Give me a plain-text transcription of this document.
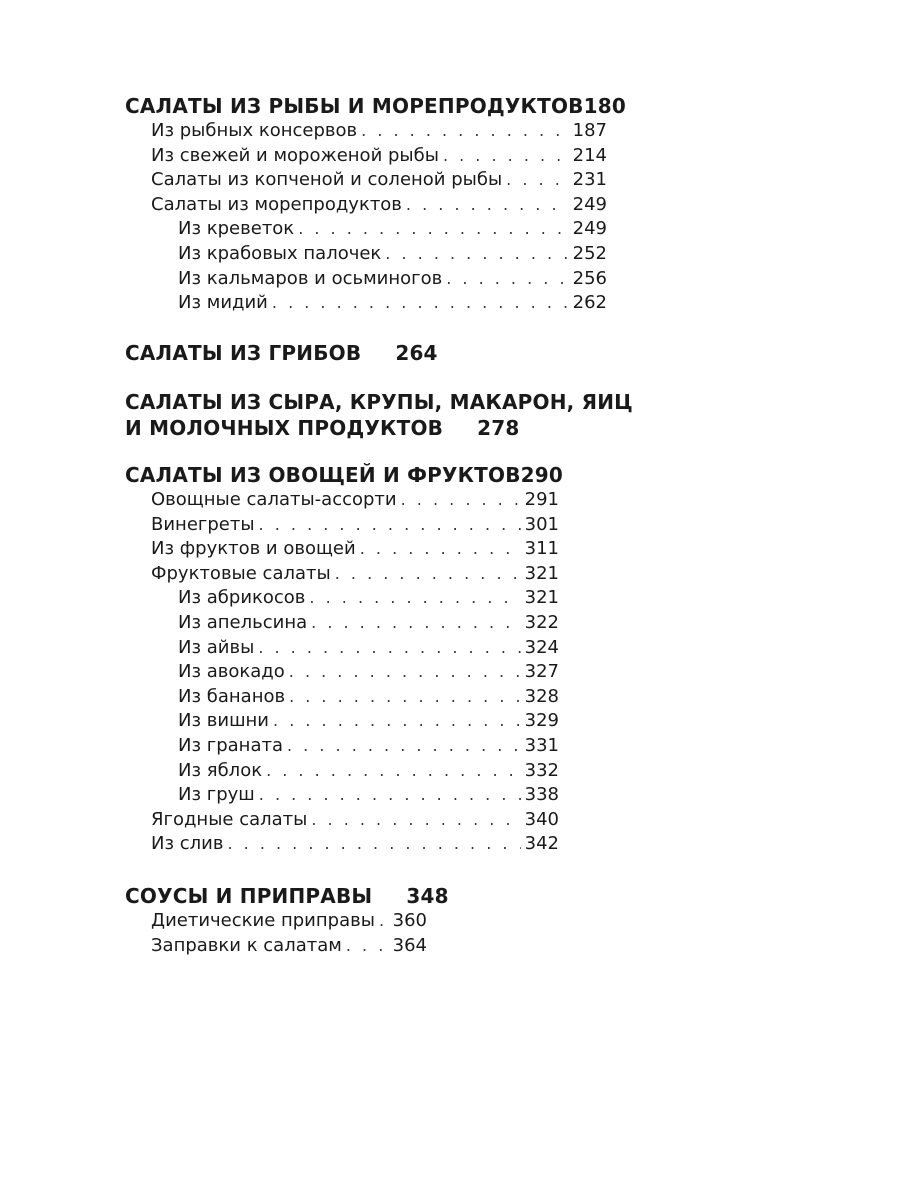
САЛАТЫ ИЗ РЫБЫ И МОРЕПРОДУКТОВ 180
Из рыбных консервов . . .	187
Из свежей и мороженой рыбы . . .	214
Салаты из копченой и соленой рыбы . . .	231
Салаты из морепродуктов . . .	249
Из креветок . . .	249
Из крабовых палочек . . .	252
Из кальмаров и осьминогов . . .	256
Из мидий . . .	262
САЛАТЫ ИЗ ГРИБОВ 264
САЛАТЫ ИЗ СЫРА, КРУПЫ, МАКАРОН, ЯИЦ
И МОЛОЧНЫХ ПРОДУКТОВ 278
САЛАТЫ ИЗ ОВОЩЕЙ И ФРУКТОВ 290
Овощные салаты-ассорти . . .	291
Винегреты . . .	301
Из фруктов и овощей . . .	311
Фруктовые салаты . . .	321
Из абрикосов . . .	321
Из апельсина . . .	322
Из айвы . . .	324
Из авокадо . . .	327
Из бананов . . .	328
Из вишни . . .	329
Из граната . . .	331
Из яблок . . .	332
Из груш . . .	338
Ягодные салаты . . .	340
Из слив . . .	342
СОУСЫ И ПРИПРАВЫ 348
Диетические приправы . . . 360
Заправки к салатам . . .	364
